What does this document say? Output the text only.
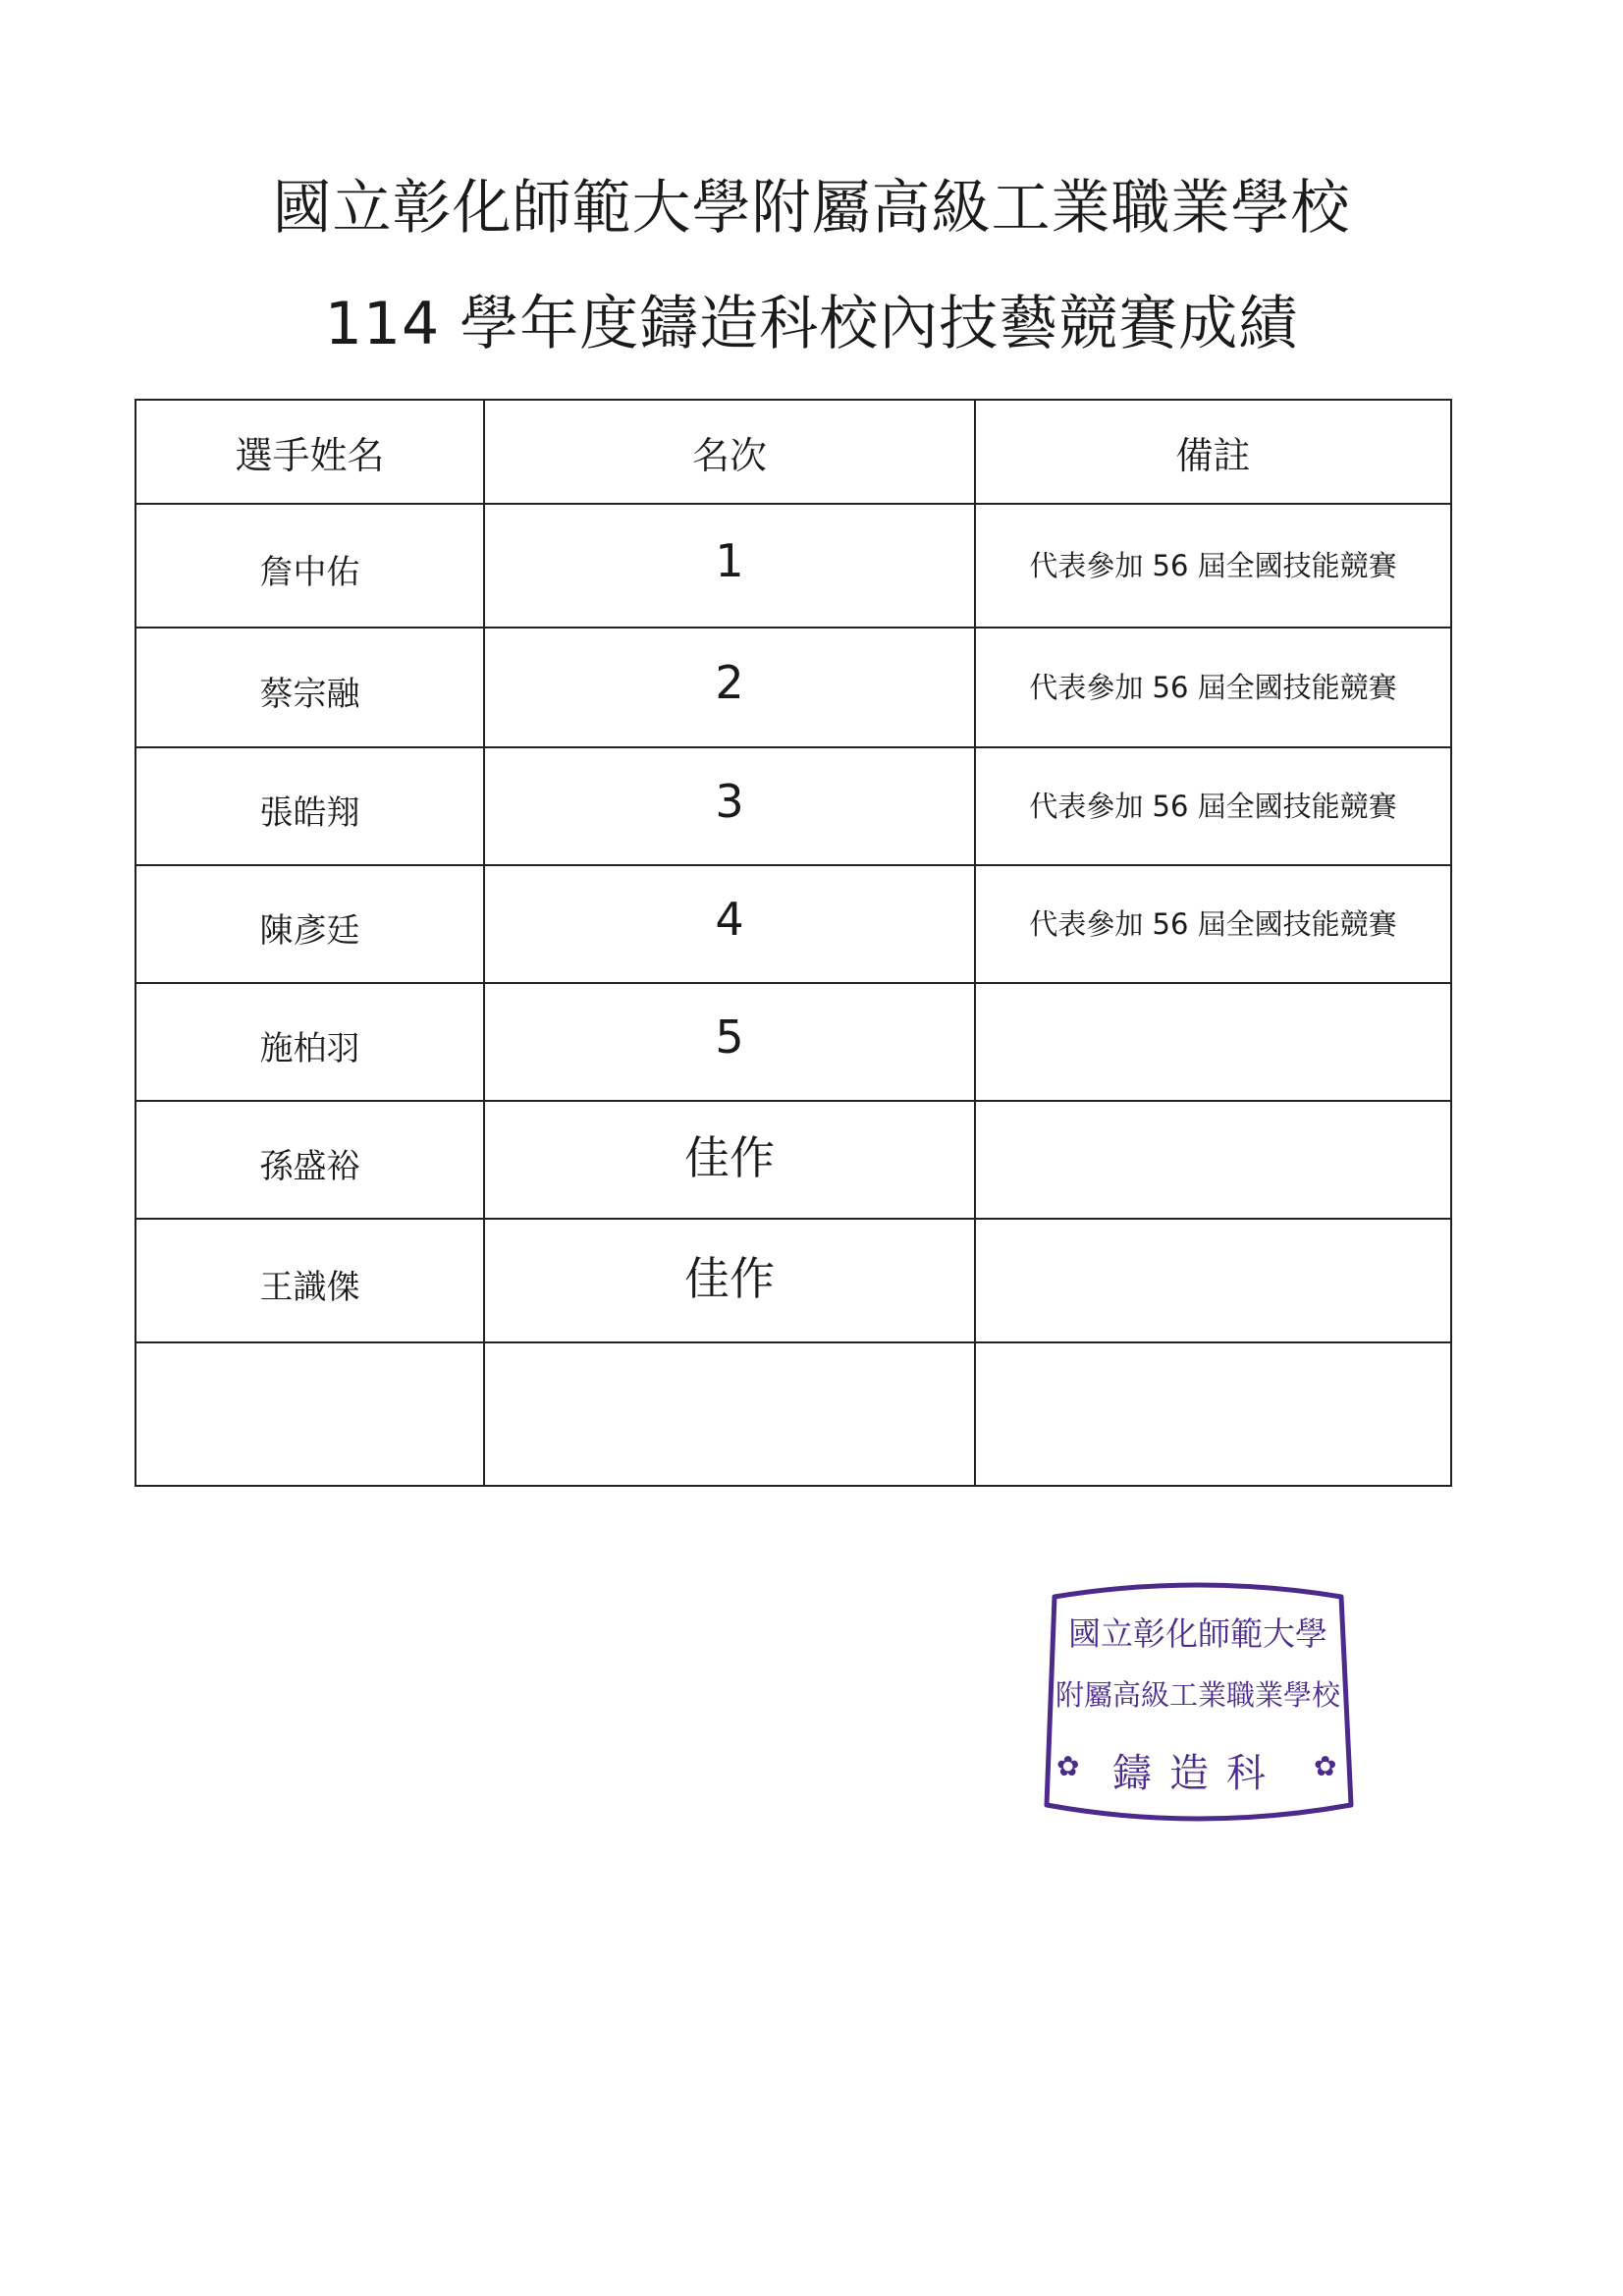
國立彰化師範大學附屬高級工業職業學校
114 學年度鑄造科校內技藝競賽成績
選手姓名	名次	備註
詹中佑	1	代表參加 56 屆全國技能競賽
蔡宗融	2	代表參加 56 屆全國技能競賽
張皓翔	3	代表參加 56 屆全國技能競賽
陳彥廷	4	代表參加 56 屆全國技能競賽
施柏羽	5	
孫盛裕	佳作	
王識傑	佳作	

國立彰化師範大學
附屬高級工業職業學校
鑄造科
✿	✿
